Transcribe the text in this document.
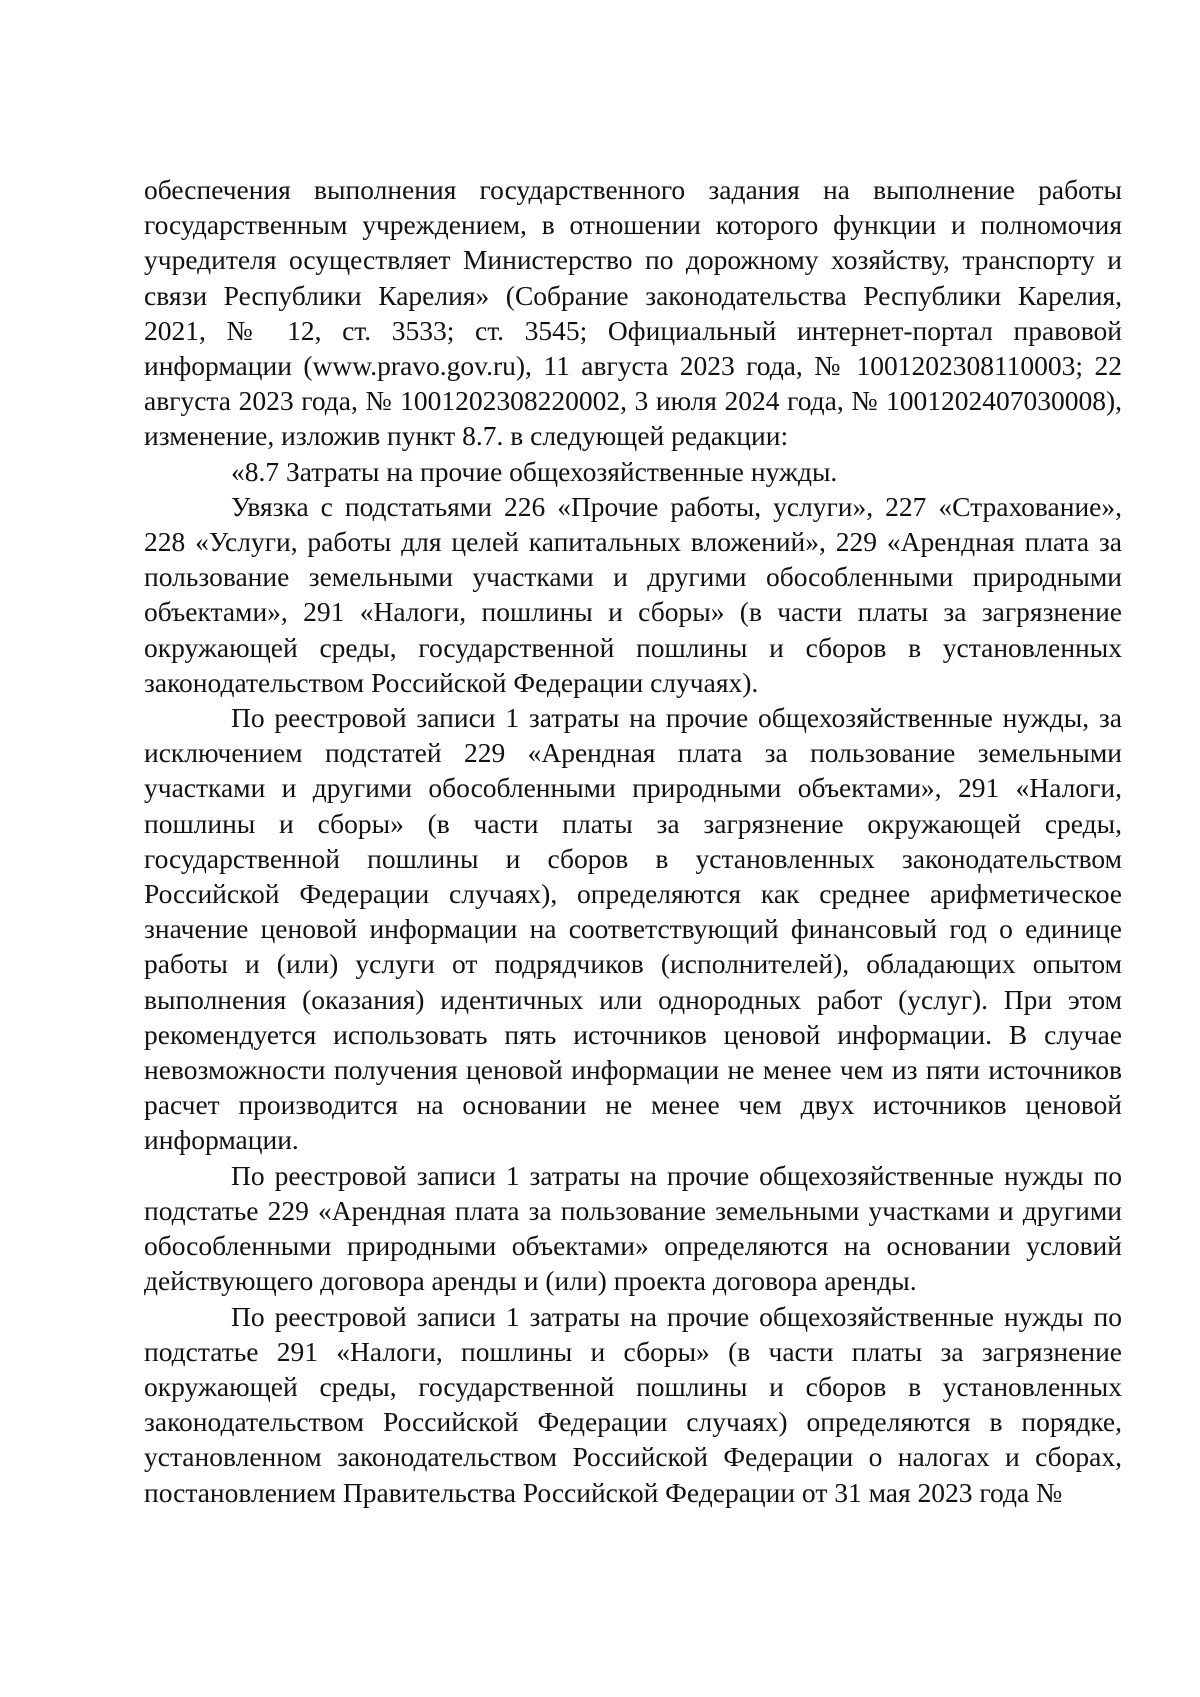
обеспечения выполнения государственного задания на выполнение работы государственным учреждением, в отношении которого функции и полномочия учредителя осуществляет Министерство по дорожному хозяйству, транспорту и связи Республики Карелия» (Собрание законодательства Республики Карелия, 2021, № 12, ст. 3533; ст. 3545; Официальный интернет-портал правовой информации (www.pravo.gov.ru), 11 августа 2023 года, № 1001202308110003; 22 августа 2023 года, № 1001202308220002, 3 июля 2024 года, № 1001202407030008), изменение, изложив пункт 8.7. в следующей редакции:

«8.7 Затраты на прочие общехозяйственные нужды.

Увязка с подстатьями 226 «Прочие работы, услуги», 227 «Страхование», 228 «Услуги, работы для целей капитальных вложений», 229 «Арендная плата за пользование земельными участками и другими обособленными природными объектами», 291 «Налоги, пошлины и сборы» (в части платы за загрязнение окружающей среды, государственной пошлины и сборов в установленных законодательством Российской Федерации случаях).

По реестровой записи 1 затраты на прочие общехозяйственные нужды, за исключением подстатей 229 «Арендная плата за пользование земельными участками и другими обособленными природными объектами», 291 «Налоги, пошлины и сборы» (в части платы за загрязнение окружающей среды, государственной пошлины и сборов в установленных законодательством Российской Федерации случаях), определяются как среднее арифметическое значение ценовой информации на соответствующий финансовый год о единице работы и (или) услуги от подрядчиков (исполнителей), обладающих опытом выполнения (оказания) идентичных или однородных работ (услуг). При этом рекомендуется использовать пять источников ценовой информации. В случае невозможности получения ценовой информации не менее чем из пяти источников расчет производится на основании не менее чем двух источников ценовой информации.

По реестровой записи 1 затраты на прочие общехозяйственные нужды по подстатье 229 «Арендная плата за пользование земельными участками и другими обособленными природными объектами» определяются на основании условий действующего договора аренды и (или) проекта договора аренды.

По реестровой записи 1 затраты на прочие общехозяйственные нужды по подстатье 291 «Налоги, пошлины и сборы» (в части платы за загрязнение окружающей среды, государственной пошлины и сборов в установленных законодательством Российской Федерации случаях) определяются в порядке, установленном законодательством Российской Федерации о налогах и сборах, постановлением Правительства Российской Федерации от 31 мая 2023 года №
